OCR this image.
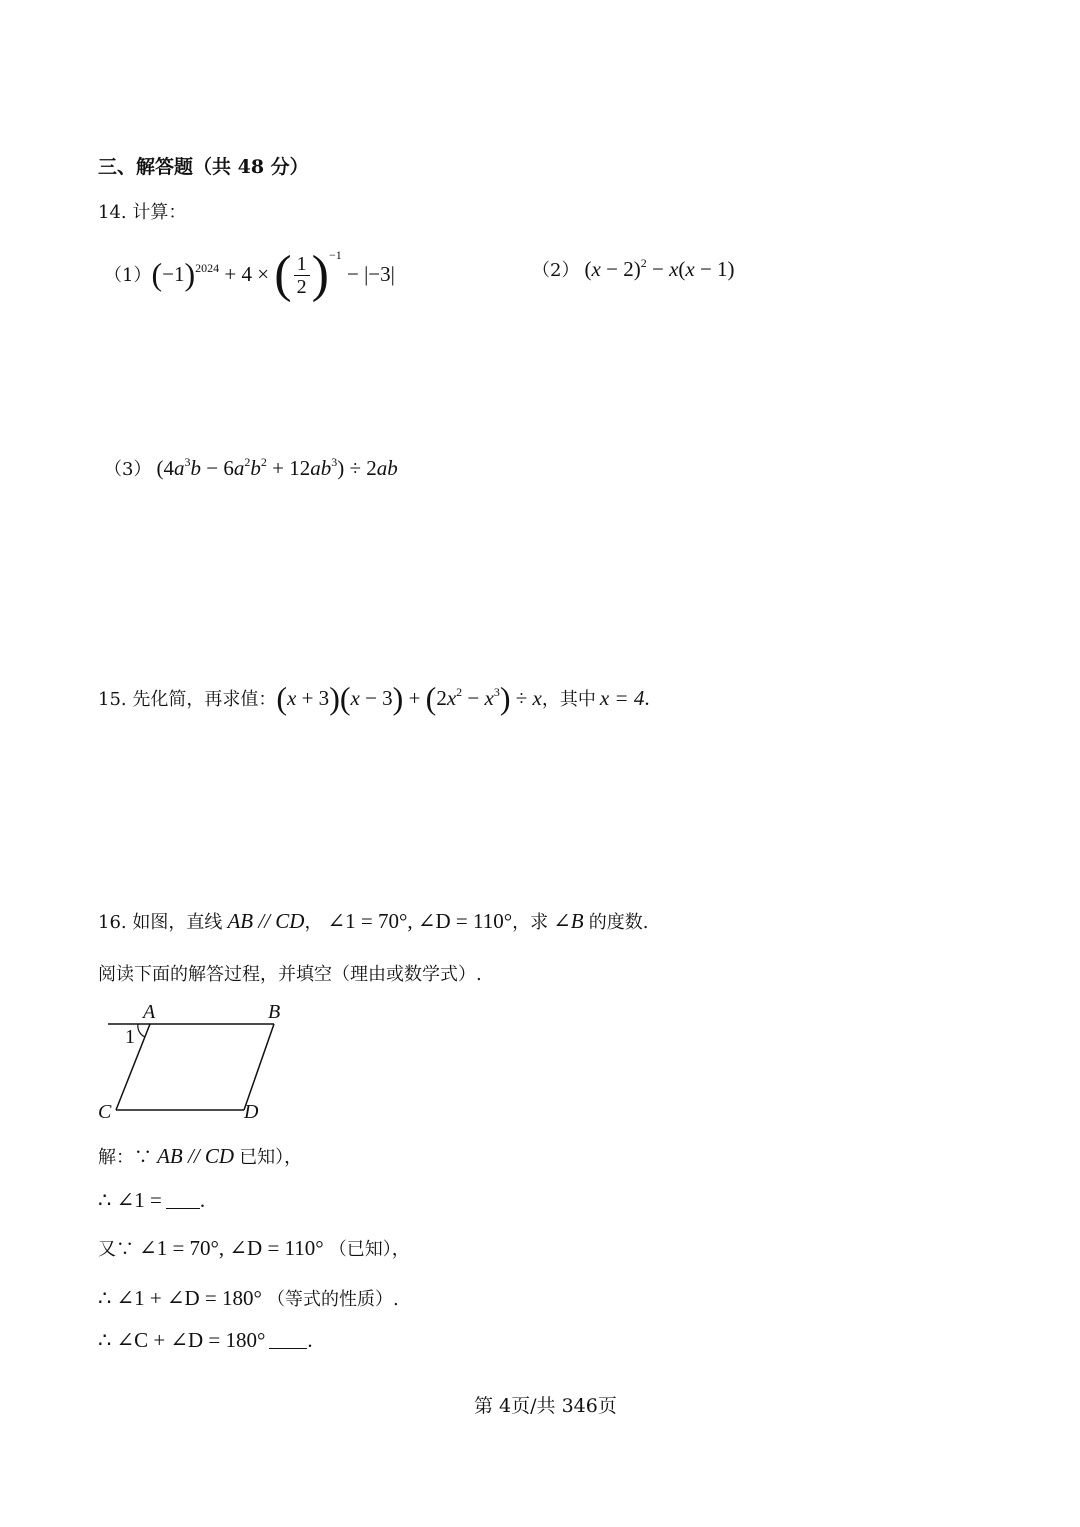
三、解答题（共 48 分）
14. 计算：
（1） $(-1)^{2024} + 4$ × ( $\frac{1}{2} )^{-1} - |-3|$	（2） $(x - 2)^2 - x(x - 1)$
（3） $(4a^3b - 6a^2b^2 + 12ab^3) \div 2ab$
15. 先化简，再求值： $(x + 3)(x - 3) + (2x^2 - x^3) \div x$ ，其中 x = 4 .
16. 如图，直线 AB // CD， ∠1 = 70°, ∠D = 110°，求 ∠B 的度数.
阅读下面的解答过程，并填空（理由或数学式）.
A	B
C	D
1
解：∵ AB // CD 已知），
∴ ∠1 = .
又∵ ∠1 = 70°, ∠D = 110° （已知），
∴ ∠1 + ∠D = 180° （等式的性质）.
∴ ∠C + ∠D = 180° .
第 4页/共 346页
